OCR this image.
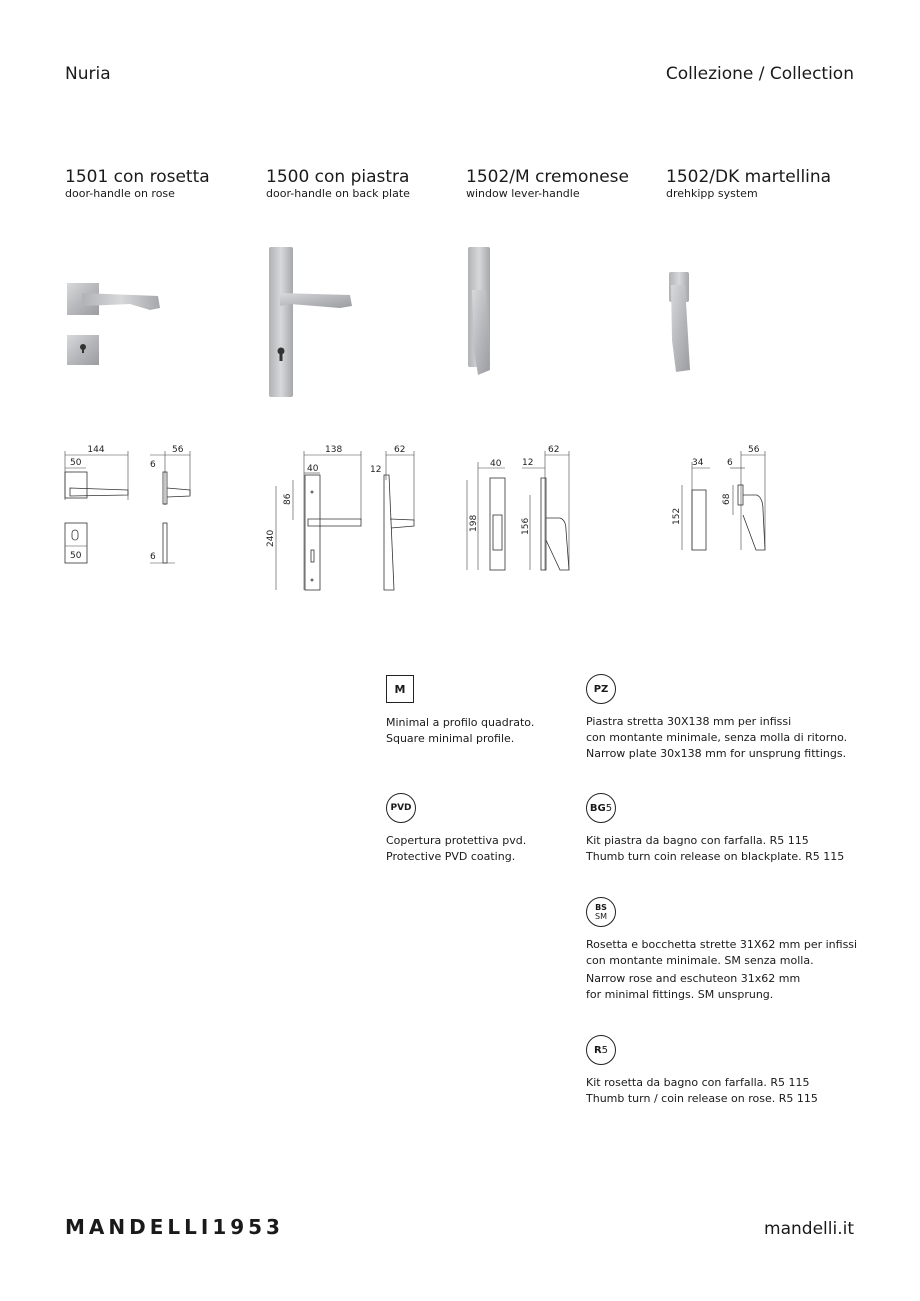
Nuria	Collezione / Collection
1501 con rosetta
door-handle on rose
1500 con piastra
door-handle on back plate
1502/M cremonese
window lever-handle
1502/DK martellina
drehkipp system
144
50
56
6
50	6
138
40
86
240
62
12
40
198
12
62
156
34
152
6
56
68
M
Minimal a profilo quadrato.
Square minimal profile.
PZ
Piastra stretta 30X138 mm per infissi
con montante minimale, senza molla di ritorno.
Narrow plate 30x138 mm for unsprung fittings.
PVD
Copertura protettiva pvd.
Protective PVD coating.
BG 5
Kit piastra da bagno con farfalla. R5 115
Thumb turn coin release on blackplate. R5 115
BS
SM
Rosetta e bocchetta strette 31X62 mm per infissi
con montante minimale. SM senza molla.
Narrow rose and eschuteon 31x62 mm
for minimal fittings. SM unsprung.
R 5
Kit rosetta da bagno con farfalla. R5 115
Thumb turn / coin release on rose. R5 115
MANDELLI1953	mandelli.it
